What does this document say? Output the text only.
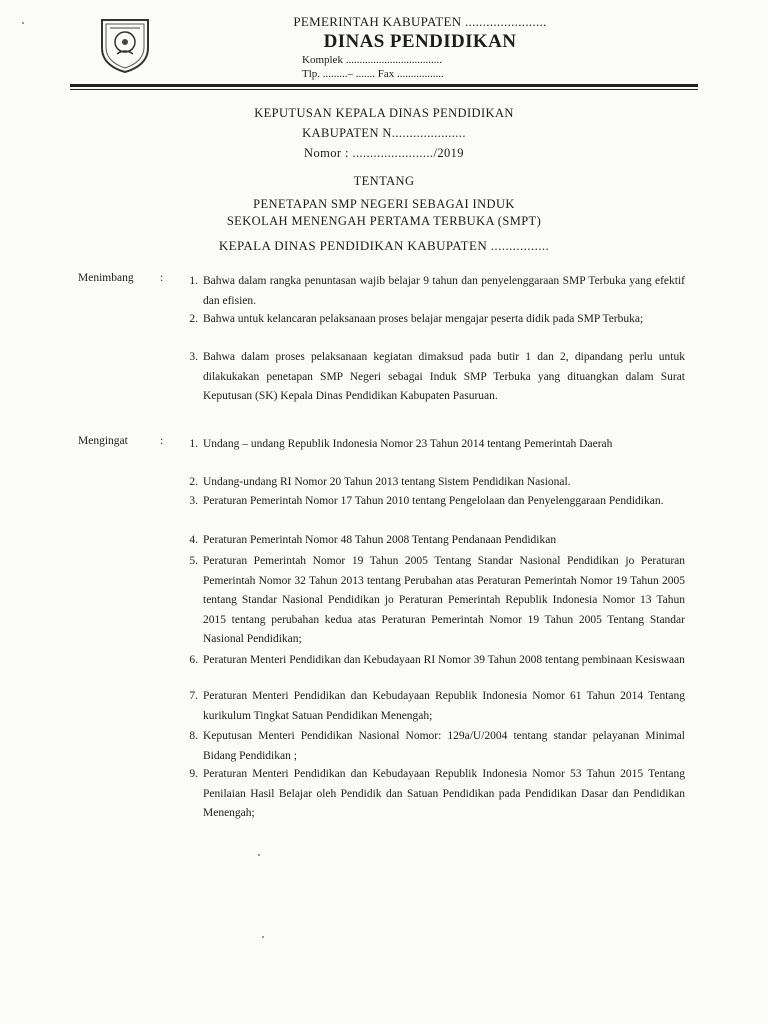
PEMERINTAH KABUPATEN .......................
DINAS PENDIDIKAN
Komplek ...................................
Tlp. .........– ....... Fax .................
KEPUTUSAN KEPALA DINAS PENDIDIKAN
KABUPATEN N.....................
Nomor : ......................./2019
TENTANG
PENETAPAN SMP NEGERI SEBAGAI INDUK
SEKOLAH MENENGAH PERTAMA TERBUKA (SMPT)
KEPALA DINAS PENDIDIKAN KABUPATEN ................
Menimbang	:	1. Bahwa dalam rangka penuntasan wajib belajar 9 tahun dan penyelenggaraan SMP Terbuka yang efektif dan efisien.
2. Bahwa untuk kelancaran pelaksanaan proses belajar mengajar peserta didik pada SMP Terbuka;
3. Bahwa dalam proses pelaksanaan kegiatan dimaksud pada butir 1 dan 2, dipandang perlu untuk dilakukakan penetapan SMP Negeri sebagai Induk SMP Terbuka yang dituangkan dalam Surat Keputusan (SK) Kepala Dinas Pendidikan Kabupaten Pasuruan.
Mengingat	:	1. Undang – undang Republik Indonesia Nomor 23 Tahun 2014 tentang Pemerintah Daerah
2. Undang-undang RI Nomor 20 Tahun 2013 tentang Sistem Pendidikan Nasional.
3. Peraturan Pemerintah Nomor 17 Tahun 2010 tentang Pengelolaan dan Penyelenggaraan Pendidikan.
4. Peraturan Pemerintah Nomor 48 Tahun 2008 Tentang Pendanaan Pendidikan
5. Peraturan Pemerintah Nomor 19 Tahun 2005 Tentang Standar Nasional Pendidikan jo Peraturan Pemerintah Nomor 32 Tahun 2013 tentang Perubahan atas Peraturan Pemerintah Nomor 19 Tahun 2005 tentang Standar Nasional Pendidikan jo Peraturan Pemerintah Republik Indonesia Nomor 13 Tahun 2015 tentang perubahan kedua atas Peraturan Pemerintah Nomor 19 Tahun 2005 Tentang Standar Nasional Pendidikan;
6. Peraturan Menteri Pendidikan dan Kebudayaan RI Nomor 39 Tahun 2008 tentang pembinaan Kesiswaan
7. Peraturan Menteri Pendidikan dan Kebudayaan Republik Indonesia Nomor 61 Tahun 2014 Tentang kurikulum Tingkat Satuan Pendidikan Menengah;
8. Keputusan Menteri Pendidikan Nasional Nomor: 129a/U/2004 tentang standar pelayanan Minimal Bidang Pendidikan ;
9. Peraturan Menteri Pendidikan dan Kebudayaan Republik Indonesia Nomor 53 Tahun 2015 Tentang Penilaian Hasil Belajar oleh Pendidik dan Satuan Pendidikan pada Pendidikan Dasar dan Pendidikan Menengah;
